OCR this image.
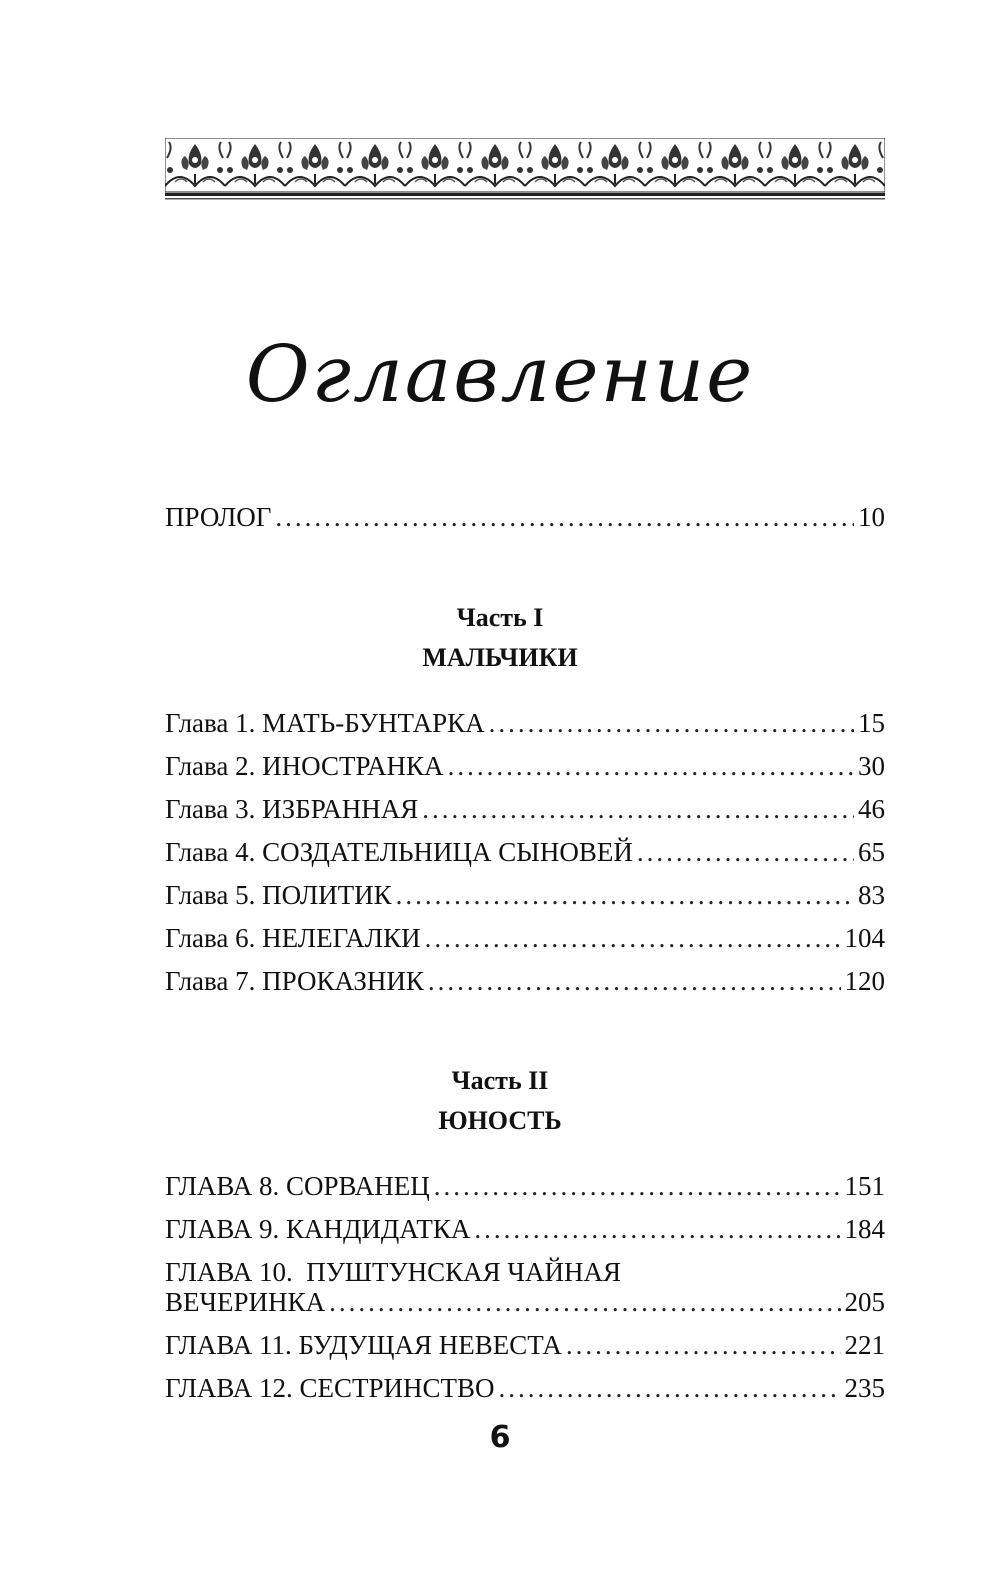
Оглавление
ПРОЛОГ .....	10
Часть I
МАЛЬЧИКИ
Глава 1. МАТЬ-БУНТАРКА .....	15
Глава 2. ИНОСТРАНКА .....	30
Глава 3. ИЗБРАННАЯ .....	46
Глава 4. СОЗДАТЕЛЬНИЦА СЫНОВЕЙ .....	65
Глава 5. ПОЛИТИК .....	83
Глава 6. НЕЛЕГАЛКИ .....	104
Глава 7. ПРОКАЗНИК .....	120
Часть II
ЮНОСТЬ
ГЛАВА 8. СОРВАНЕЦ .....	151
ГЛАВА 9. КАНДИДАТКА .....	184
ГЛАВА 10.  ПУШТУНСКАЯ ЧАЙНАЯ
ВЕЧЕРИНКА .....	205
ГЛАВА 11. БУДУЩАЯ НЕВЕСТА .....	221
ГЛАВА 12. СЕСТРИНСТВО .....	235
6
